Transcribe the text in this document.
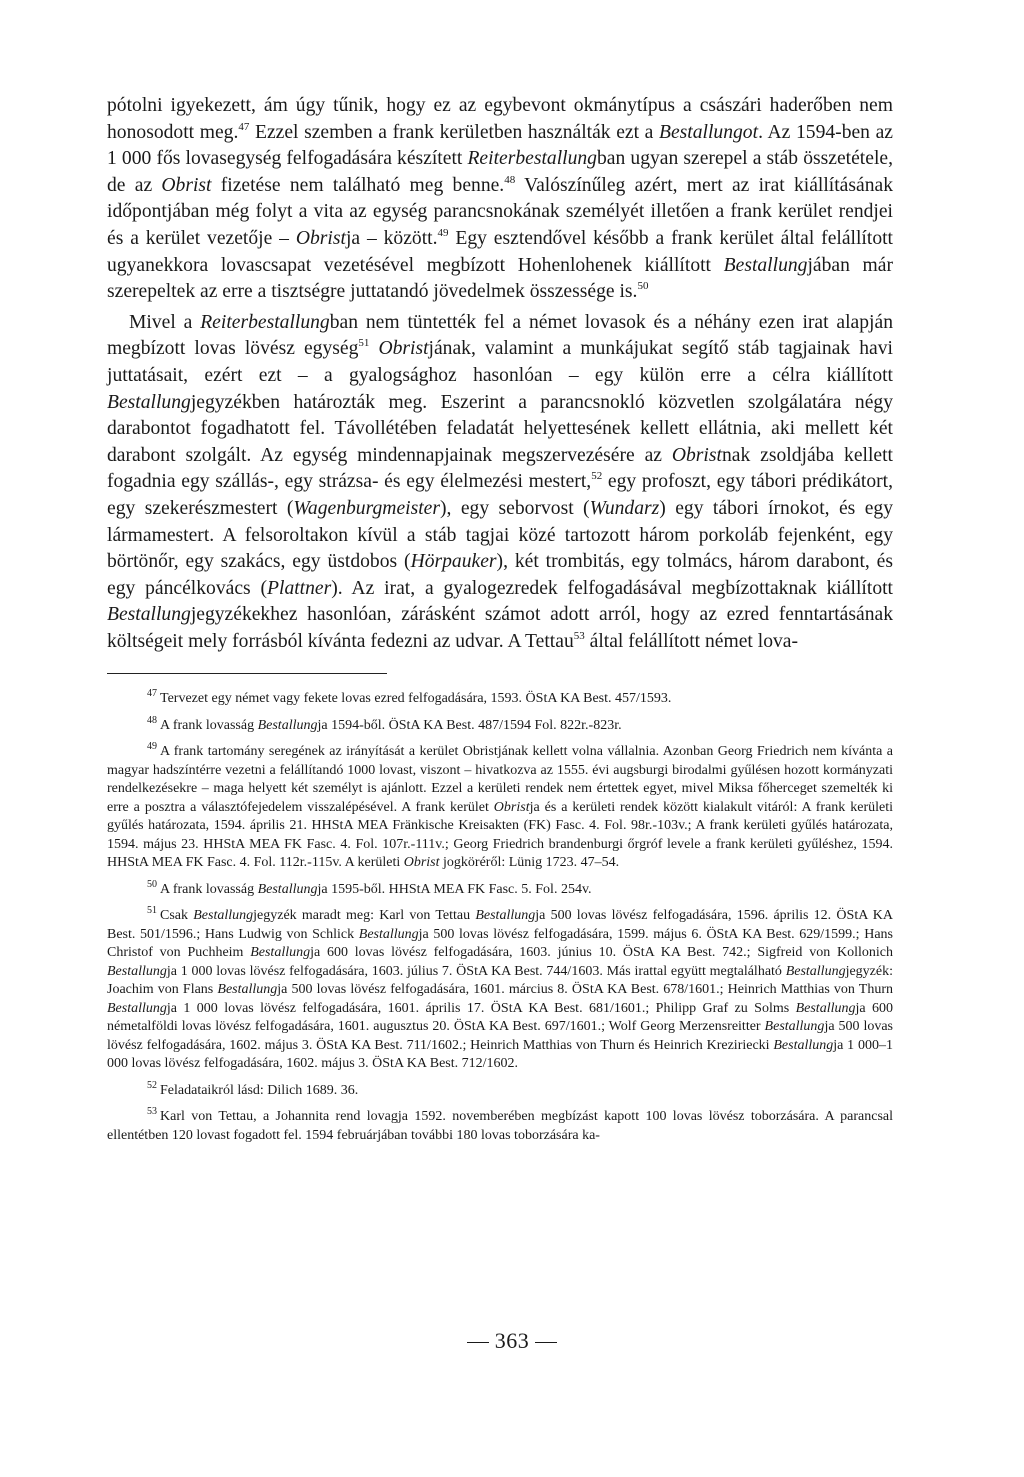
pótolni igyekezett, ám úgy tűnik, hogy ez az egybevont okmánytípus a császári haderőben nem honosodott meg.$^{47}$ Ezzel szemben a frank kerületben használták ezt a Bestallungot. Az 1594-ben az 1 000 fős lovasegység felfogadására készített Reiterbestallungban ugyan szerepel a stáb összetétele, de az Obrist fizetése nem található meg benne.$^{48}$ Valószínűleg azért, mert az irat kiállításának időpontjában még folyt a vita az egység parancsnokának személyét illetően a frank kerület rendjei és a kerület vezetője – Obristja – között.$^{49}$ Egy esztendővel később a frank kerület által felállított ugyanekkora lovascsapat vezetésével megbízott Hohenlohenek kiállított Bestallungjában már szerepeltek az erre a tisztségre juttatandó jövedelmek összessége is.$^{50}$

Mivel a Reiterbestallungban nem tüntették fel a német lovasok és a néhány ezen irat alapján megbízott lovas lövész egység$^{51}$ Obristjának, valamint a munkájukat segítő stáb tagjainak havi juttatásait, ezért ezt – a gyalogsághoz hasonlóan – egy külön erre a célra kiállított Bestallungjegyzékben határozták meg. Eszerint a parancsnokló közvetlen szolgálatára négy darabontot fogadhatott fel. Távollétében feladatát helyettesének kellett ellátnia, aki mellett két darabont szolgált. Az egység mindennapjainak megszervezésére az Obristnak zsoldjába kellett fogadnia egy szállás-, egy strázsa- és egy élelmezési mestert,$^{52}$ egy profoszt, egy tábori prédikátort, egy szekerészmestert (Wagenburgmeister), egy seborvost (Wundarz) egy tábori írnokot, és egy lármamestert. A felsoroltakon kívül a stáb tagjai közé tartozott három porkoláb fejenként, egy börtönőr, egy szakács, egy üstdobos (Hörpauker), két trombitás, egy tolmács, három darabont, és egy páncélkovács (Plattner). Az irat, a gyalogezredek felfogadásával megbízottaknak kiállított Bestallungjegyzékekhez hasonlóan, zárásként számot adott arról, hogy az ezred fenntartásának költségeit mely forrásból kívánta fedezni az udvar. A Tettau$^{53}$ által felállított német lova-

$^{47}$ Tervezet egy német vagy fekete lovas ezred felfogadására, 1593. ÖStA KA Best. 457/1593.

$^{48}$ A frank lovasság Bestallungja 1594-ből. ÖStA KA Best. 487/1594 Fol. 822r.-823r.

$^{49}$ A frank tartomány seregének az irányítását a kerület Obristjának kellett volna vállalnia. Azonban Georg Friedrich nem kívánta a magyar hadszíntérre vezetni a felállítandó 1000 lovast, viszont – hivatkozva az 1555. évi augsburgi birodalmi gyűlésen hozott kormányzati rendelkezésekre – maga helyett két személyt is ajánlott. Ezzel a kerületi rendek nem értettek egyet, mivel Miksa főherceget szemelték ki erre a posztra a választófejedelem visszalépésével. A frank kerület Obristja és a kerületi rendek között kialakult vitáról: A frank kerületi gyűlés határozata, 1594. április 21. HHStA MEA Fränkische Kreisakten (FK) Fasc. 4. Fol. 98r.-103v.; A frank kerületi gyűlés határozata, 1594. május 23. HHStA MEA FK Fasc. 4. Fol. 107r.-111v.; Georg Friedrich brandenburgi őrgróf levele a frank kerületi gyűléshez, 1594. HHStA MEA FK Fasc. 4. Fol. 112r.-115v. A kerületi Obrist jogköréről: Lünig 1723. 47–54.

$^{50}$ A frank lovasság Bestallungja 1595-ből. HHStA MEA FK Fasc. 5. Fol. 254v.

$^{51}$ Csak Bestallungjegyzék maradt meg: Karl von Tettau Bestallungja 500 lovas lövész felfogadására, 1596. április 12. ÖStA KA Best. 501/1596.; Hans Ludwig von Schlick Bestallungja 500 lovas lövész felfogadására, 1599. május 6. ÖStA KA Best. 629/1599.; Hans Christof von Puchheim Bestallungja 600 lovas lövész felfogadására, 1603. június 10. ÖStA KA Best. 742.; Sigfreid von Kollonich Bestallungja 1 000 lovas lövész felfogadására, 1603. július 7. ÖStA KA Best. 744/1603. Más irattal együtt megtalálható Bestallungjegyzék: Joachim von Flans Bestallungja 500 lovas lövész felfogadására, 1601. március 8. ÖStA KA Best. 678/1601.; Heinrich Matthias von Thurn Bestallungja 1 000 lovas lövész felfogadására, 1601. április 17. ÖStA KA Best. 681/1601.; Philipp Graf zu Solms Bestallungja 600 németalföldi lovas lövész felfogadására, 1601. augusztus 20. ÖStA KA Best. 697/1601.; Wolf Georg Merzensreitter Bestallungja 500 lovas lövész felfogadására, 1602. május 3. ÖStA KA Best. 711/1602.; Heinrich Matthias von Thurn és Heinrich Kreziriecki Bestallungja 1 000–1 000 lovas lövész felfogadására, 1602. május 3. ÖStA KA Best. 712/1602.

$^{52}$ Feladataikról lásd: Dilich 1689. 36.

$^{53}$ Karl von Tettau, a Johannita rend lovagja 1592. novemberében megbízást kapott 100 lovas lövész toborzására. A parancsal ellentétben 120 lovast fogadott fel. 1594 februárjában további 180 lovas toborzására ka-

363
